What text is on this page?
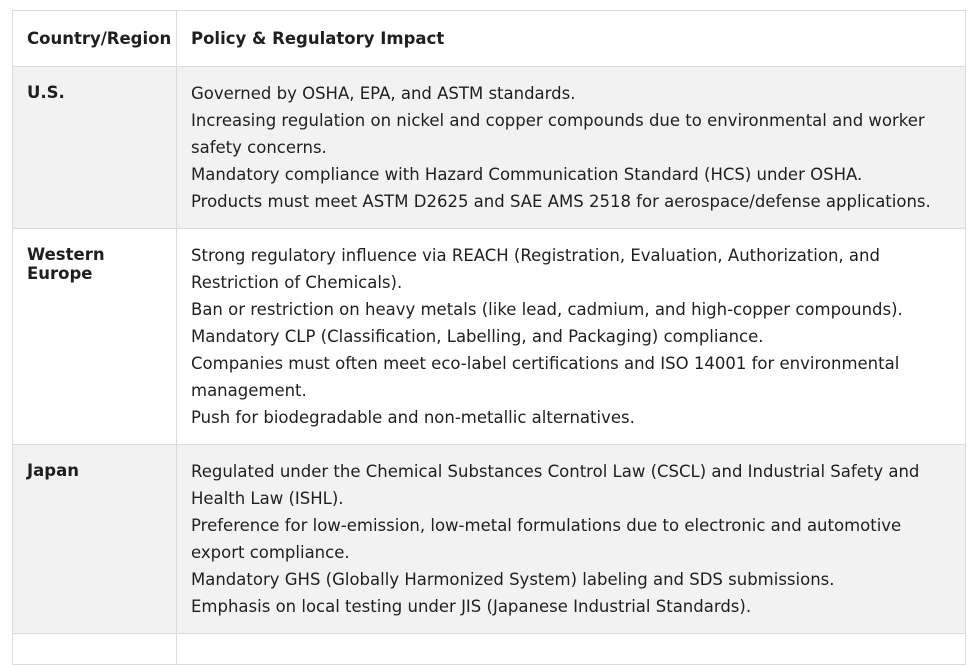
Country/Region	Policy & Regulatory Impact
U.S.	Governed by OSHA, EPA, and ASTM standards.
Increasing regulation on nickel and copper compounds due to environmental and worker safety concerns.
Mandatory compliance with Hazard Communication Standard (HCS) under OSHA.
Products must meet ASTM D2625 and SAE AMS 2518 for aerospace/defense applications.

Western Europe	Strong regulatory influence via REACH (Registration, Evaluation, Authorization, and Restriction of Chemicals).
Ban or restriction on heavy metals (like lead, cadmium, and high-copper compounds).
Mandatory CLP (Classification, Labelling, and Packaging) compliance.
Companies must often meet eco-label certifications and ISO 14001 for environmental management.
Push for biodegradable and non-metallic alternatives.

Japan	Regulated under the Chemical Substances Control Law (CSCL) and Industrial Safety and Health Law (ISHL).
Preference for low-emission, low-metal formulations due to electronic and automotive export compliance.
Mandatory GHS (Globally Harmonized System) labeling and SDS submissions.
Emphasis on local testing under JIS (Japanese Industrial Standards).
